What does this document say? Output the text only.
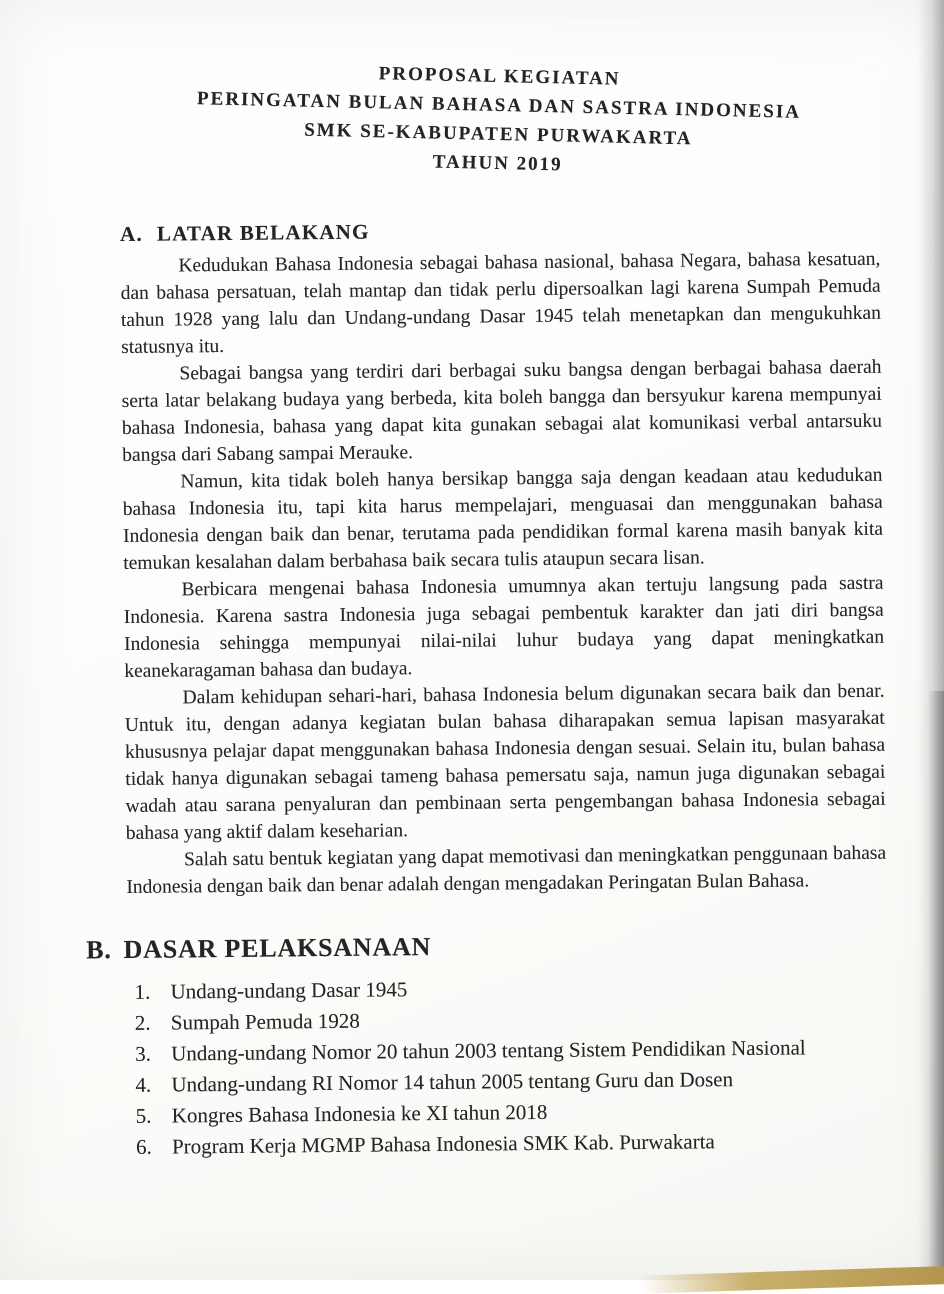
PROPOSAL KEGIATAN
PERINGATAN BULAN BAHASA DAN SASTRA INDONESIA
SMK SE-KABUPATEN PURWAKARTA
TAHUN 2019
A. LATAR BELAKANG

Kedudukan Bahasa Indonesia sebagai bahasa nasional, bahasa Negara, bahasa kesatuan, dan bahasa persatuan, telah mantap dan tidak perlu dipersoalkan lagi karena Sumpah Pemuda tahun 1928 yang lalu dan Undang-undang Dasar 1945 telah menetapkan dan mengukuhkan statusnya itu.

Sebagai bangsa yang terdiri dari berbagai suku bangsa dengan berbagai bahasa daerah serta latar belakang budaya yang berbeda, kita boleh bangga dan bersyukur karena mempunyai bahasa Indonesia, bahasa yang dapat kita gunakan sebagai alat komunikasi verbal antarsuku bangsa dari Sabang sampai Merauke.

Namun, kita tidak boleh hanya bersikap bangga saja dengan keadaan atau kedudukan bahasa Indonesia itu, tapi kita harus mempelajari, menguasai dan menggunakan bahasa Indonesia dengan baik dan benar, terutama pada pendidikan formal karena masih banyak kita temukan kesalahan dalam berbahasa baik secara tulis ataupun secara lisan.

Berbicara mengenai bahasa Indonesia umumnya akan tertuju langsung pada sastra Indonesia. Karena sastra Indonesia juga sebagai pembentuk karakter dan jati diri bangsa Indonesia sehingga mempunyai nilai-nilai luhur budaya yang dapat meningkatkan keanekaragaman bahasa dan budaya.

Dalam kehidupan sehari-hari, bahasa Indonesia belum digunakan secara baik dan benar. Untuk itu, dengan adanya kegiatan bulan bahasa diharapakan semua lapisan masyarakat khususnya pelajar dapat menggunakan bahasa Indonesia dengan sesuai. Selain itu, bulan bahasa tidak hanya digunakan sebagai tameng bahasa pemersatu saja, namun juga digunakan sebagai wadah atau sarana penyaluran dan pembinaan serta pengembangan bahasa Indonesia sebagai bahasa yang aktif dalam keseharian.

Salah satu bentuk kegiatan yang dapat memotivasi dan meningkatkan penggunaan bahasa Indonesia dengan baik dan benar adalah dengan mengadakan Peringatan Bulan Bahasa.

B. DASAR PELAKSANAAN
1. Undang-undang Dasar 1945
2. Sumpah Pemuda 1928
3. Undang-undang Nomor 20 tahun 2003 tentang Sistem Pendidikan Nasional
4. Undang-undang RI Nomor 14 tahun 2005 tentang Guru dan Dosen
5. Kongres Bahasa Indonesia ke XI tahun 2018
6. Program Kerja MGMP Bahasa Indonesia SMK Kab. Purwakarta
